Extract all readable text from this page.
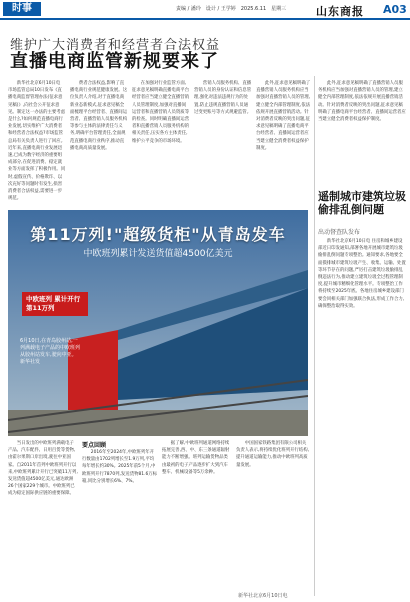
时事	责编 / 潘玲　设计 / 王学婷　2025.6.11　星期三	山东商报 A03
维护广大消费者和经营者合法权益
直播电商监管新规要来了

新华社北京6月10日电 市场监管总局10日发布《直播电商监督管理办法(征求意见稿)》,向社会公开征求意见。制定这一办法的主要考虑是什么?如何规范直播电商行业发展,切实维护广大消费者和经营者合法权益?市场监管总局有关负责人进行了回应。近年来,直播电商行业发展迅速,已成为数字经济的重要组成部分,在促进消费、稳定就业等方面发挥了积极作用。同时,虚假宣传、价格欺诈、以次充好等问题时有发生,损害消费者合法权益,需要进一步规范。

费者合法权益,影响了直播电商行业规范健康发展。这位负责人介绍,对于直播电商新业态新模式,征求意见稿全面梳理平台经营者、直播间运营者、直播营销人员服务机构等参与主体的法律责任与义务,明确平台管理责任,全面规范直播电商行业秩序,推动直播电商高质量发展。

在加强对行业监管方面,征求意见稿明确直播电商平台经营者应当建立健全直播营销人员管理制度,加强对直播间运营者和直播营销人员资质等的检查。同时明确直播间运营者和直播营销人员服务机构的相关责任,压实各方主体责任,维护公平竞争的市场环境。

营销人员服务机构、直播营销人员的身份认证和信息管理,强化对违法违规行为的处置,防止违规直播营销人员通过变更账号等方式规避监管。

此外,征求意见稿明确了直播营销人员服务机构应当加强对直播营销人员的管理,建立健全内部管理制度,依法依规开展直播营销活动。针对消费者反映的突出问题,征求意见稿明确了直播电商平台经营者、直播间运营者应当建立健全消费者权益保护制度。

此外,征求意见稿明确了直播营销人员服务机构应当加强对直播营销人员的管理,建立健全内部管理制度,依法依规开展直播营销活动。针对消费者反映的突出问题,征求意见稿明确了直播电商平台经营者、直播间运营者应当建立健全消费者权益保护制度。

遥制城市建筑垃圾偷排乱倒问题
出动督查队发布

新华社北京6月10日电 住房和城乡建设部近日印发通知,部署各地开展城市建筑垃圾偷排乱倒问题专项整治。通知要求,各地要全面摸排城市建筑垃圾产生、收集、运输、处置等环节存在的问题,严厉打击建筑垃圾偷排乱倒违法行为,推动建立建筑垃圾全过程管理制度,提升城市精细化管理水平。专项整治工作将持续至2025年底。各地住房城乡建设部门要会同相关部门加强联合执法,形成工作合力,确保整治取得实效。

第11万列!"超级货柜"从青岛发车
中欧班列累计发送货值超4500亿美元
中欧班列 累计开行 第11万列
6月10日,在青岛胶州站,一列满载电子产品的中欧班列从胶州站发车,驶向中亚。新华社发

当日发出的中欧班列满载电子产品、汽车配件、日用百货等货物,由霍尔果斯口岸出境,驶往中亚国家。自2011年首列中欧班列开行以来,中欧班列累计开行已突破11万列,发送货值超4500亿美元,通达欧洲26个国家229个城市。中欧班列已成为稳定国际供应链的重要保障。

要点回顾

2016年至2024年,中欧班列年开行数量由1702列增长至1.9万列,平均每年增长约30%。2025年前5个月,中欧班列开行7870列,发送货物81.6万标箱,同比分别增长6%、7%。

据了解,中欧班列通道网络持续拓展完善,西、中、东三条通道辐射能力不断增强。班列运输货物品类由最初的电子产品逐步扩大到汽车整车、机械设备等5万余种。

中国国家铁路集团有限公司相关负责人表示,将持续优化班列开行结构,提升通道运输能力,推动中欧班列高质量发展。

新华社北京6月10日电
